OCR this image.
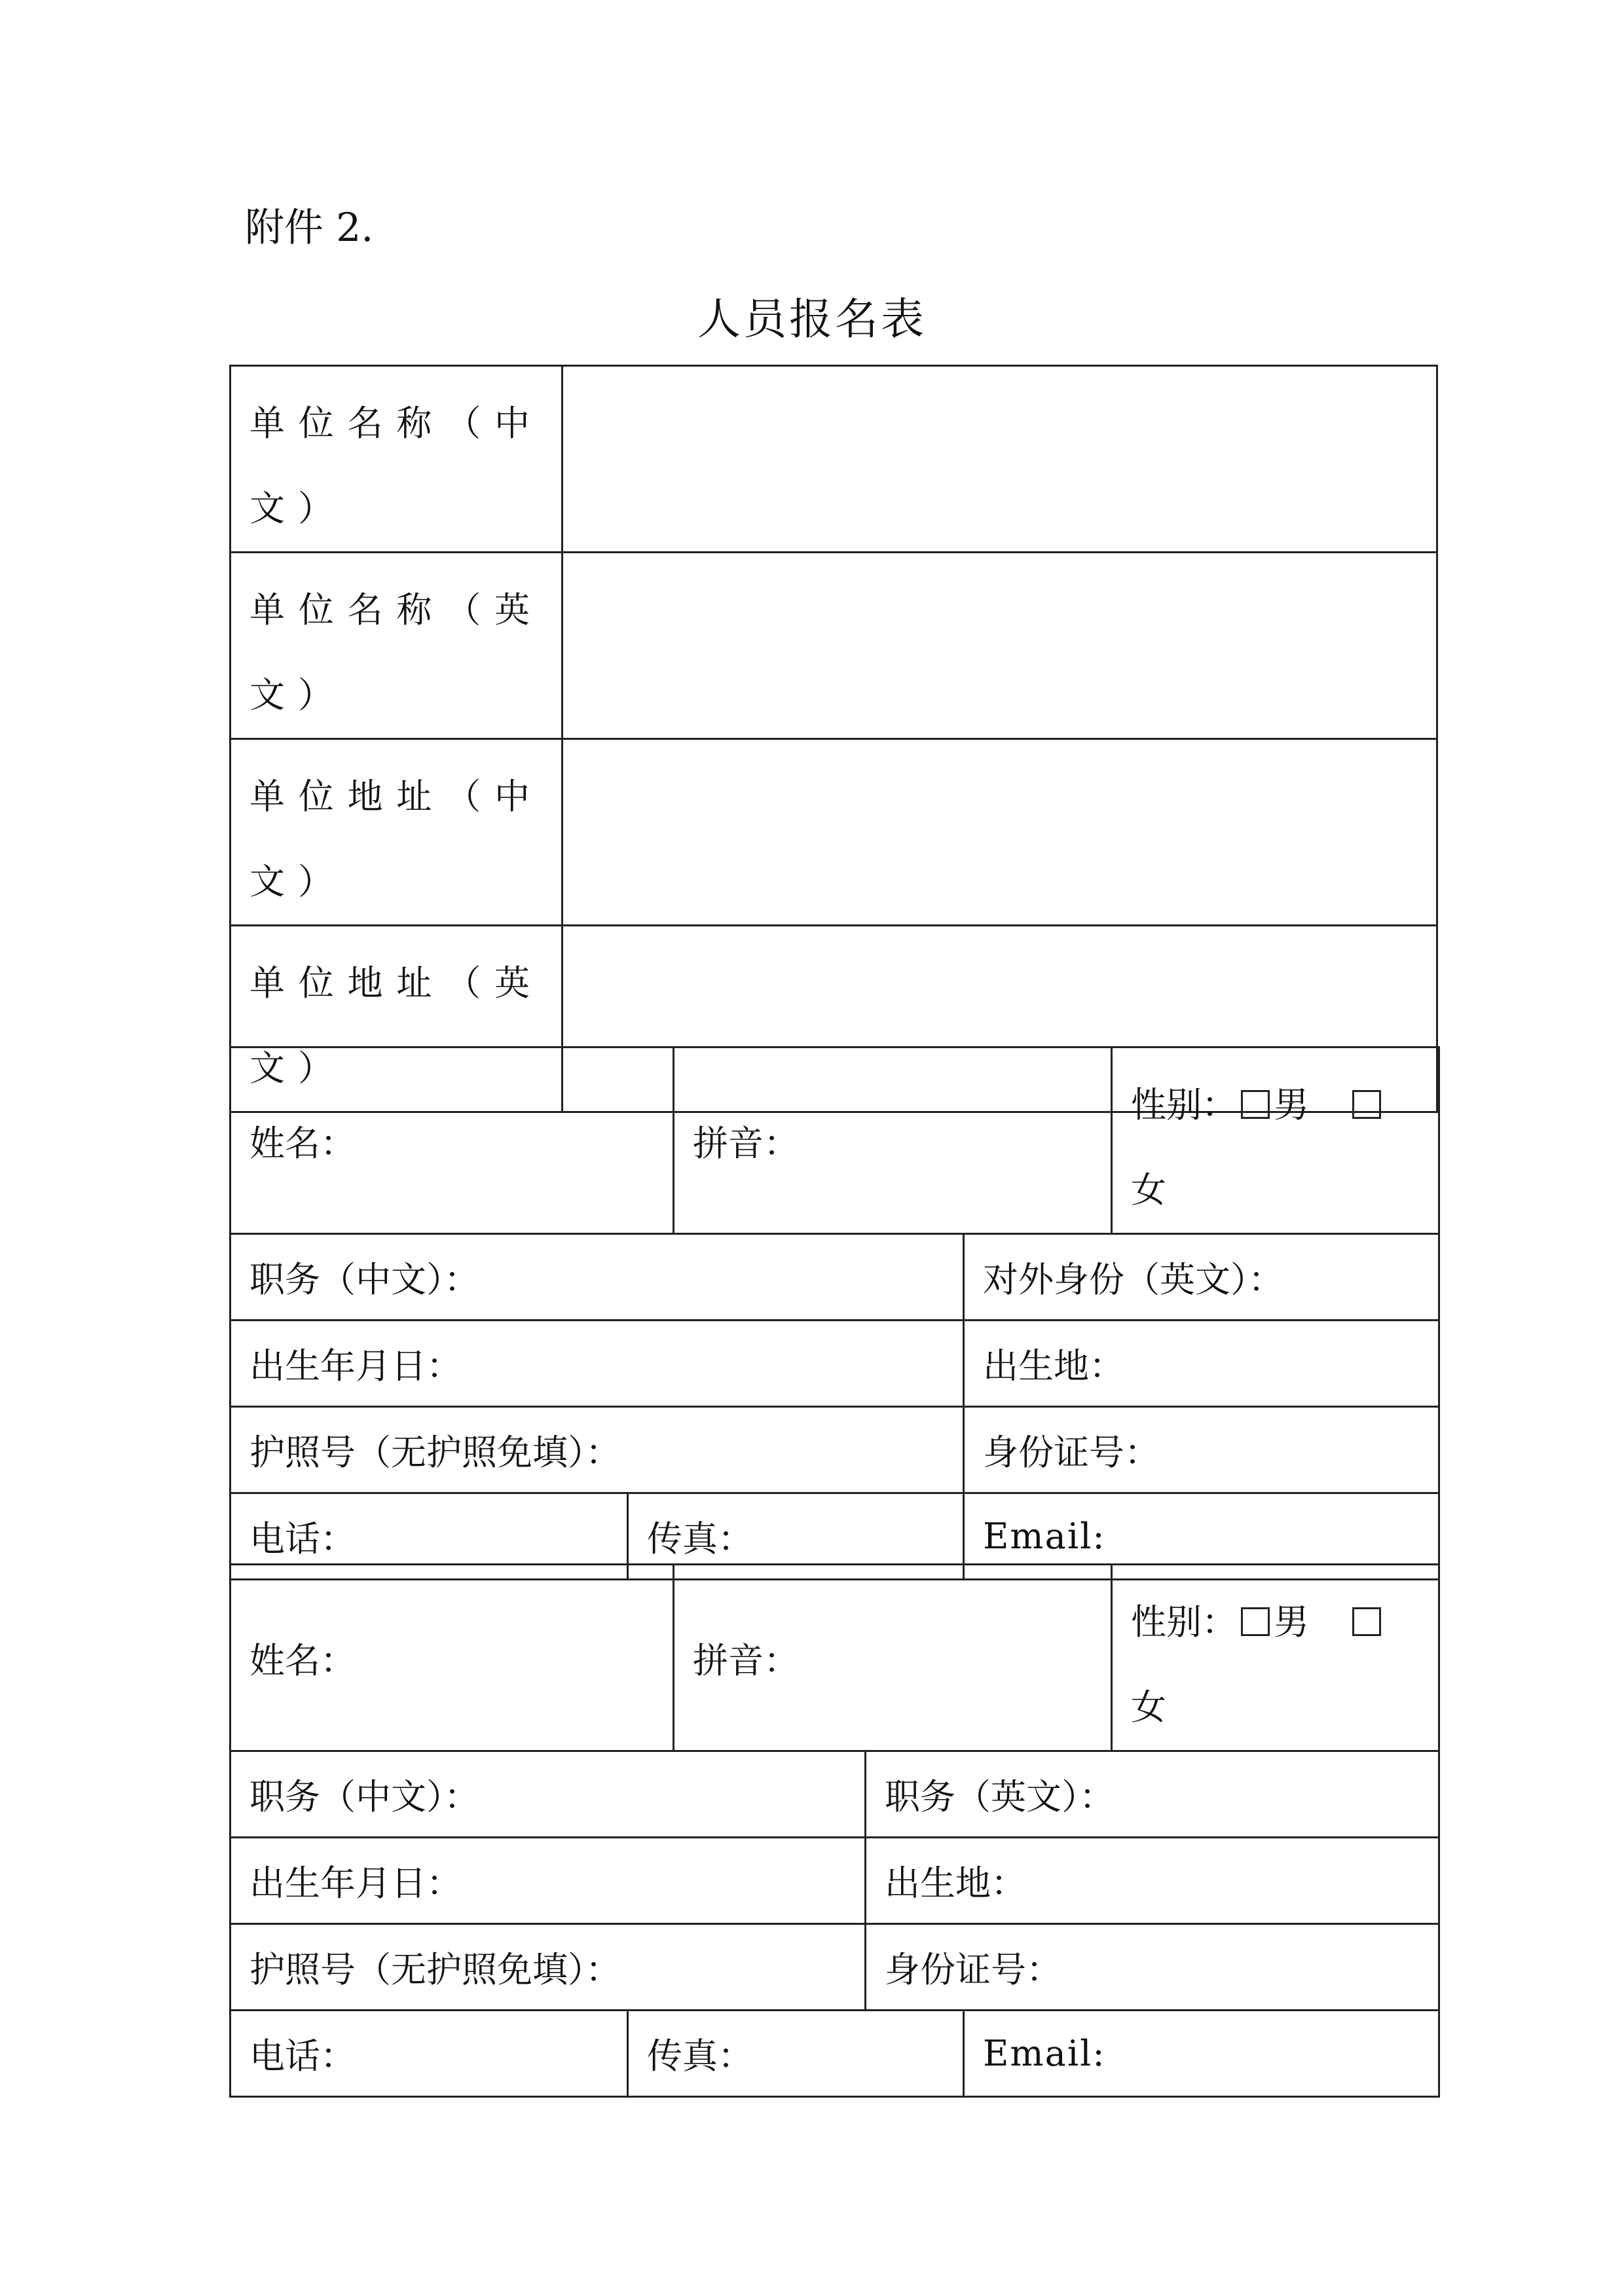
附件 2.
人员报名表
单位名称（中文）	
单位名称（英文）	
单位地址（中文）	
单位地址（英文）	
姓名：		拼音：		性别： 男
女
职务（中文）：			对外身份（英文）：	
出生年月日：			出生地：	
护照号（无护照免填）：			身份证号：	
电话：	传真：		Email:	
姓名：		拼音：			性别： 男
女
职务（中文）：			职务（英文）：		
出生年月日：			出生地：		
护照号（无护照免填）：			身份证号：		
电话：	传真：			Email:	
